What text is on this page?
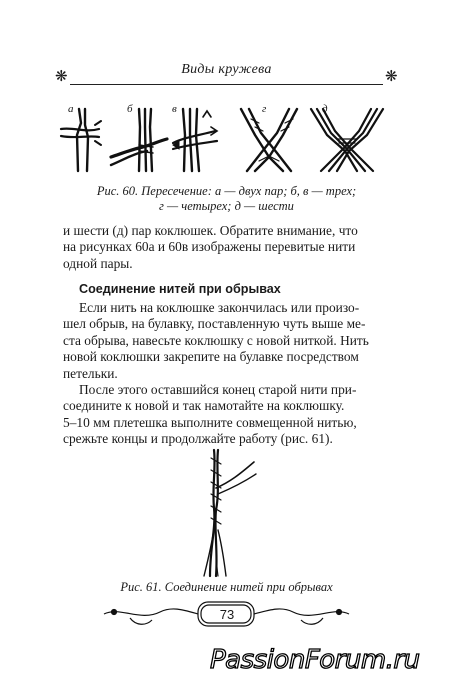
Виды кружева
❋	❋
а	б	в	г	д
Рис. 60. Пересечение: а — двух пар; б, в — трех;
г — четырех; д — шести
и шести (д) пар коклюшек. Обратите внимание, что
на рисунках 60а и 60в изображены перевитые нити
одной пары.
Соединение нитей при обрывах
Если нить на коклюшке закончилась или произо-
шел обрыв, на булавку, поставленную чуть выше ме-
ста обрыва, навесьте коклюшку с новой ниткой. Нить
новой коклюшки закрепите на булавке посредством
петельки.
После этого оставшийся конец старой нити при-
соедините к новой и так намотайте на коклюшку.
5–10 мм плетешка выполните совмещенной нитью,
срежьте концы и продолжайте работу (рис. 61).
Рис. 61. Соединение нитей при обрывах
73
PassionForum.ru
